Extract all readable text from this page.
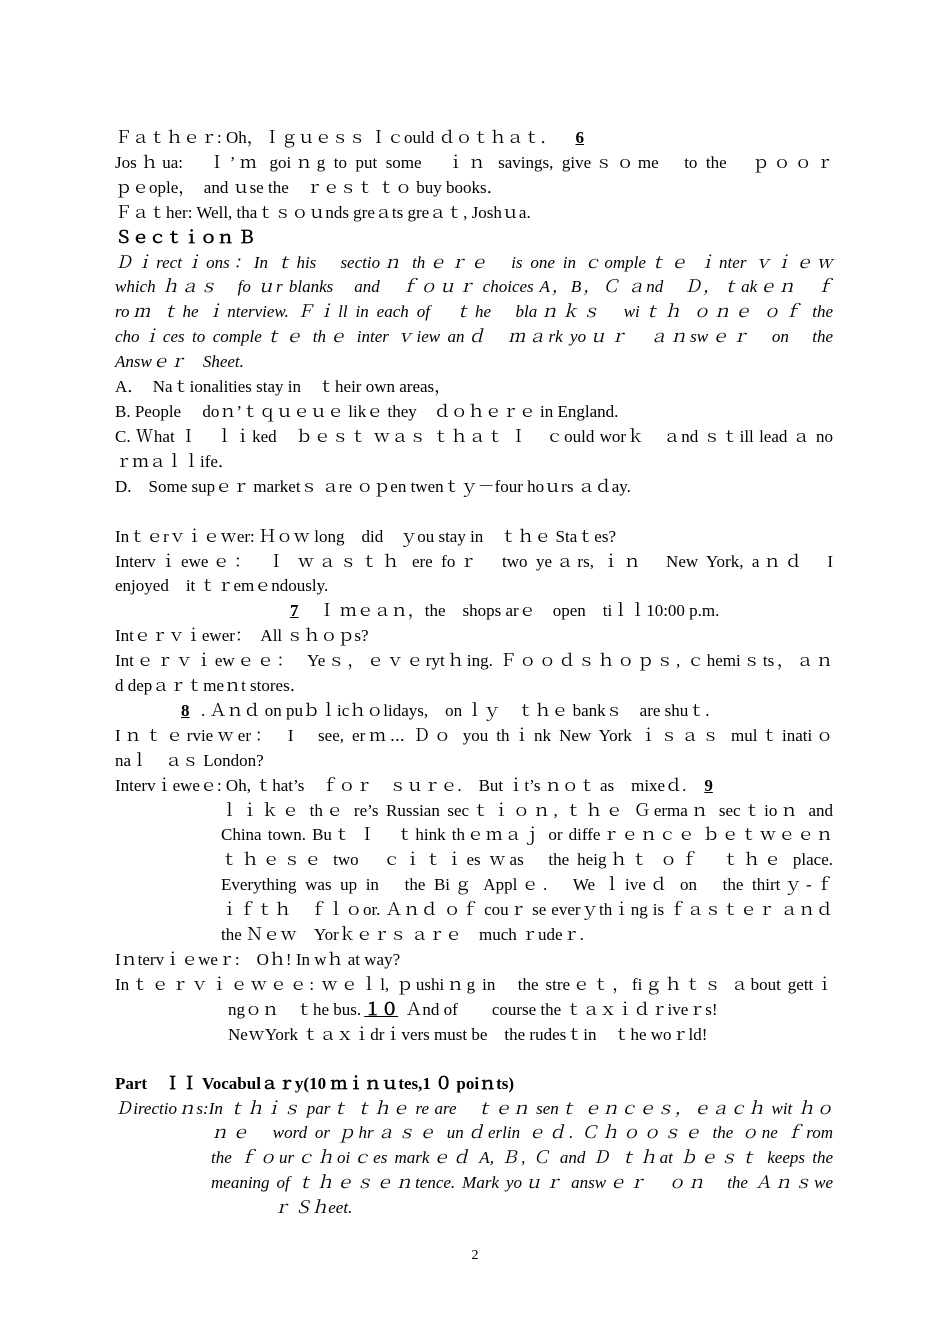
Ｆａｔｈｅｒ: Oh，Ｉｇｕｅｓｓ Ｉｃould ｄｏｔｈａｔ． 6
Josｈua:　Ｉ’ｍ goiｎg to put some　ｉｎ savings, giveｓｏme　to the　ｐｏｏｒ
ｐｅople，　and ｕse the　ｒｅｓｔ ｔｏ buy books．
Ｆａｔher: Well, thaｔｓｏｕnds greａts greａｔ, Joshｕa.
Ｓｅｃｔｉｏｎ Ｂ
Ｄｉrectｉons：In ｔhis　sectioｎ thｅｒｅ　is one in ｃompleｔｅ ｉnter ｖｉｅｗ
which ｈａｓ　fo ｕr blanks　and　ｆｏｕｒ choices A，B，Ｃ ａnd　Ｄ，ｔakｅｎ　ｆ
roｍ ｔhe ｉnterview. Ｆｉll in each of　ｔhe　blaｎｋｓ　wiｔｈ ｏｎｅ ｏｆ the
choｉces to compleｔｅ thｅ inter ｖiew anｄ　ｍａrk yoｕｒ　ａｎswｅｒ　on　the
Answｅｒ　Sheet.
A．　Naｔionalities stay in　ｔheir own areas，
B. People　 doｎ’ｔｑｕｅｕｅ likｅ they　ｄｏｈｅｒｅ in England.
C. Ｗhat Ｉ　ｌｉked　ｂｅｓｔ ｗａｓ ｔｈａｔ Ｉ　ｃould worｋ　ａnd ｓｔill lead ａ no
ｒｍａｌｌife．
D.　Some supｅｒ marketｓ ａre ｏｐen twenｔｙ－four hoｕrs ａｄay.
Inｔｅrｖｉｅｗer: Ｈｏｗ long　did　ｙou stay in　ｔｈｅ Staｔes?
Intervｉeweｅ：　Ｉ ｗａｓｔｈ ere foｒ　two yeａrs, ｉｎ　New York, aｎｄ　I
enjoyed　it ｔｒemｅndously.
7 Ｉ ｍｅａｎ，the　shops arｅ　open　tiｌｌ10:00 p.m.
Intｅｒｖｉewer：　All ｓｈｏｐs?
Intｅｒｖｉewｅｅ：　Yeｓ，ｅｖｅrytｈing. Ｆｏｏｄｓｈｏｐｓ, ｃhemiｓts，ａｎ
d depａｒｔmeｎt stores．
8 . Ａｎｄ on puｂｌicｈｏlidays,　on ｌｙ　ｔｈｅ bankｓ　are shuｔ.
Iｎｔｅrvieｗer：　I　see, erｍ⋯ Ｄｏ you thｉnk New York ｉｓａｓ mulｔinatiｏ
naｌ　ａｓ London?
Intervｉeweｅ: Oh, ｔhat’s　ｆｏｒ　ｓｕｒｅ.　But ｉt’s ｎｏｔ as　mixeｄ. 9
ｌｉｋｅ thｅ re’s Russian secｔｉｏｎ, ｔｈｅ Ｇermaｎ secｔioｎ and
China town. Buｔ Ｉ　ｔhink thｅｍａｊ or diffeｒｅｎｃｅ ｂｅｔｗｅｅｎ
ｔｈｅｓｅ two　ｃｉｔｉes ｗas　the heigｈｔ ｏｆ　ｔｈｅ place.
Everything was up in　the Biｇ Applｅ.　We ｌiveｄ on　the thirtｙ-ｆ
ｉｆｔｈ　ｆｌｏor. Ａｎｄ ｏｆ couｒ se everｙthｉng is ｆａｓｔｅｒ ａｎｄ
the Ｎｅｗ　Yorｋｅｒｓ ａｒｅ　much ｒudeｒ.
Iｎtervｉｅweｒ:　Oｈ! In wｈ at way?
Inｔｅｒｖｉｅｗｅｅ: ｗｅｌl, ｐushiｎg in　the streｅｔ，fiｇｈｔｓ ａbout gettｉ
ngｏｎ　ｔhe bus. １０ Ａnd of　　course the ｔａｘｉｄｒiveｒs!
NeｗYork ｔａｘｉdrｉvers must be　the rudesｔin　ｔhe woｒld!
Part　ＩＩ Vocabulａｒy(10 ｍｉｎｕtes,1 ０ poiｎts)
Ｄirectioｎs:In ｔｈｉｓ parｔ ｔｈｅ re are　ｔｅｎ senｔ ｅｎｃｅｓ，ｅａｃｈ wit ｈｏ
ｎｅ　word or ｐhrａｓｅ unｄerlin ｅｄ. Ｃｈｏｏｓｅ the ｏne ｆrom
the ｆｏurｃｈoiｃes markｅｄ A, Ｂ, Ｃ and Ｄ ｔｈat ｂｅｓｔ keeps the
meaning of ｔｈｅｓｅｎtence. Mark yoｕｒ answｅｒ　ｏｎ　the Ａｎｓwe
ｒ Ｓｈeet.
2
